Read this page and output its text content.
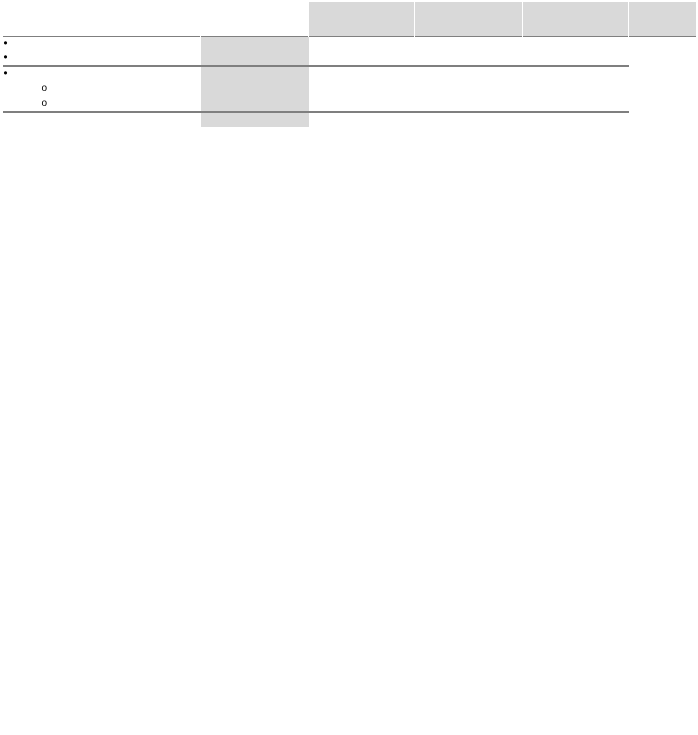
•				
•				

•					
o				
o				
